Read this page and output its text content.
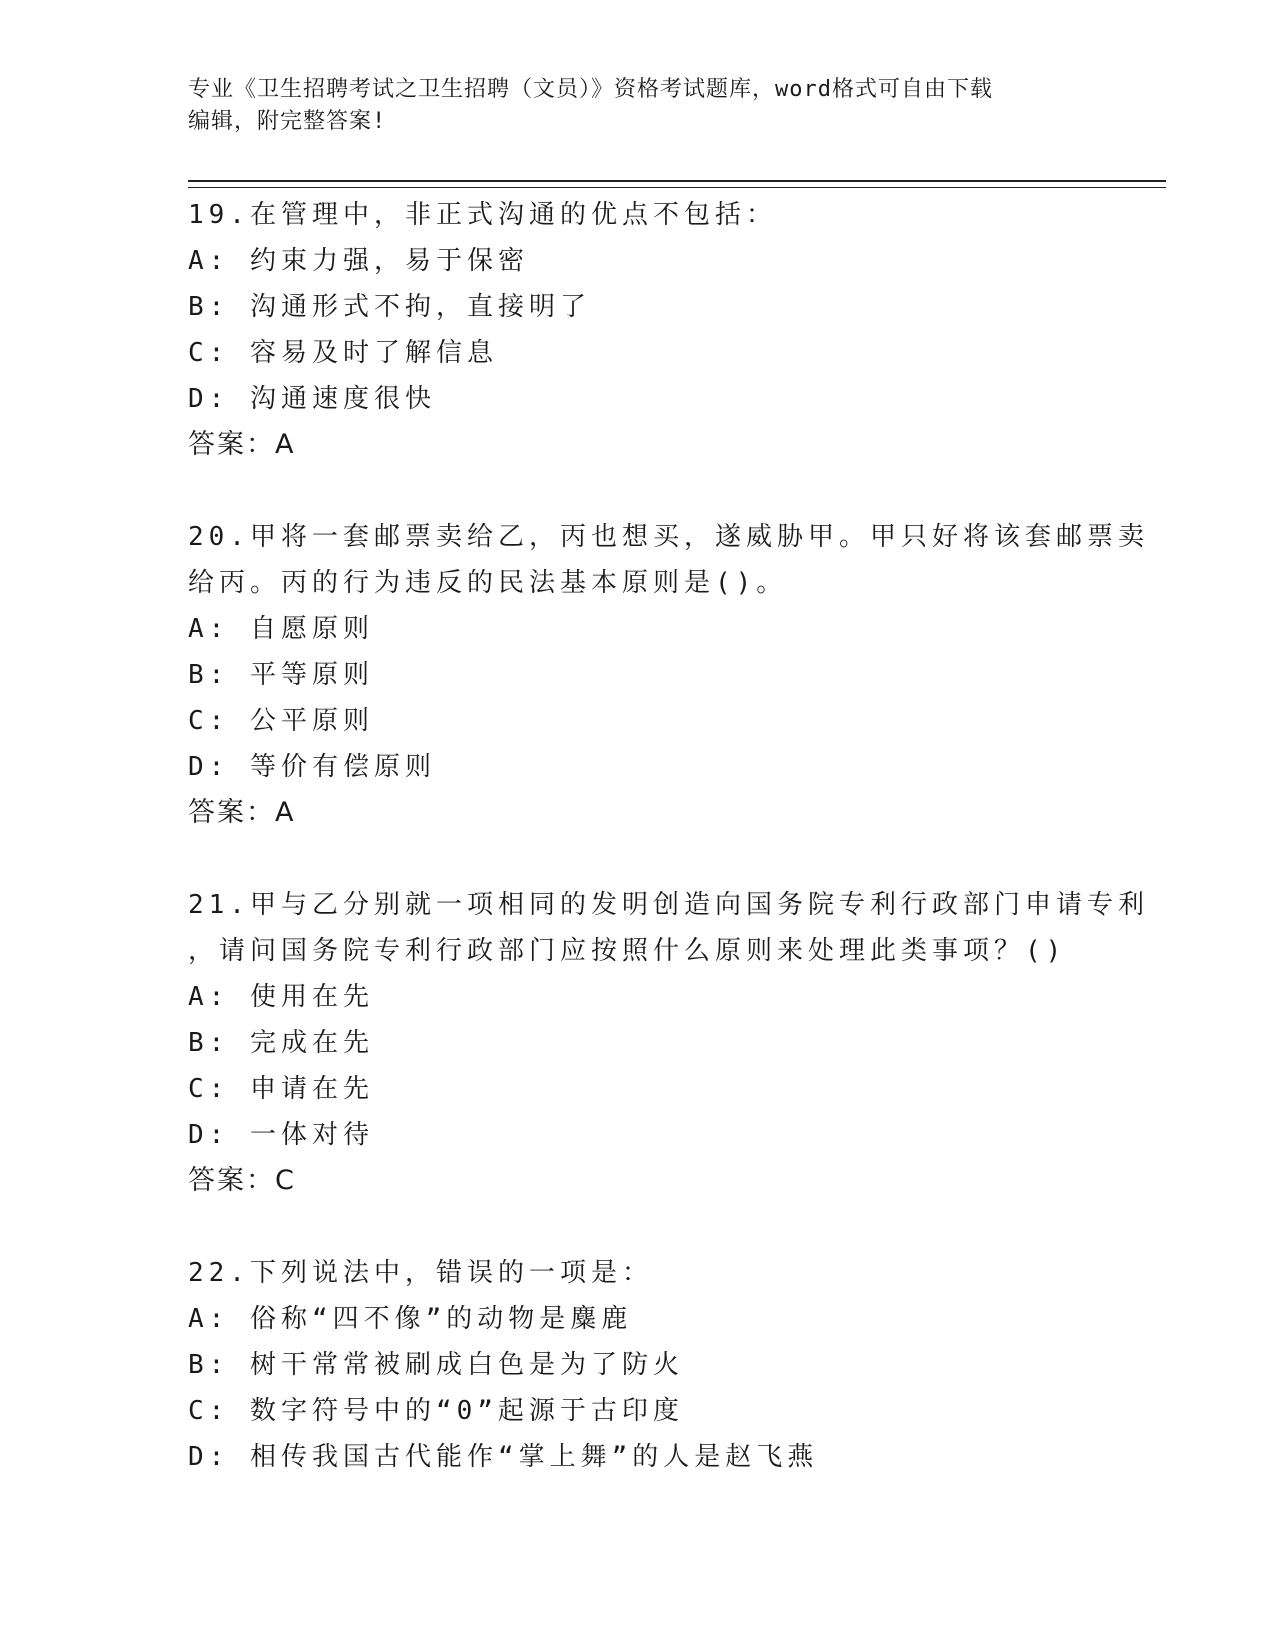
专业《卫生招聘考试之卫生招聘（文员）》资格考试题库，word格式可自由下载
编辑，附完整答案!
19.在管理中，非正式沟通的优点不包括：
A: 约束力强，易于保密
B: 沟通形式不拘，直接明了
C: 容易及时了解信息
D: 沟通速度很快
答案：A
20.甲将一套邮票卖给乙，丙也想买，遂威胁甲。甲只好将该套邮票卖
给丙。丙的行为违反的民法基本原则是()。
A: 自愿原则
B: 平等原则
C: 公平原则
D: 等价有偿原则
答案：A
21.甲与乙分别就一项相同的发明创造向国务院专利行政部门申请专利
，请问国务院专利行政部门应按照什么原则来处理此类事项？()
A: 使用在先
B: 完成在先
C: 申请在先
D: 一体对待
答案：C
22.下列说法中，错误的一项是：
A: 俗称“四不像”的动物是麋鹿
B: 树干常常被刷成白色是为了防火
C: 数字符号中的“0”起源于古印度
D: 相传我国古代能作“掌上舞”的人是赵飞燕
